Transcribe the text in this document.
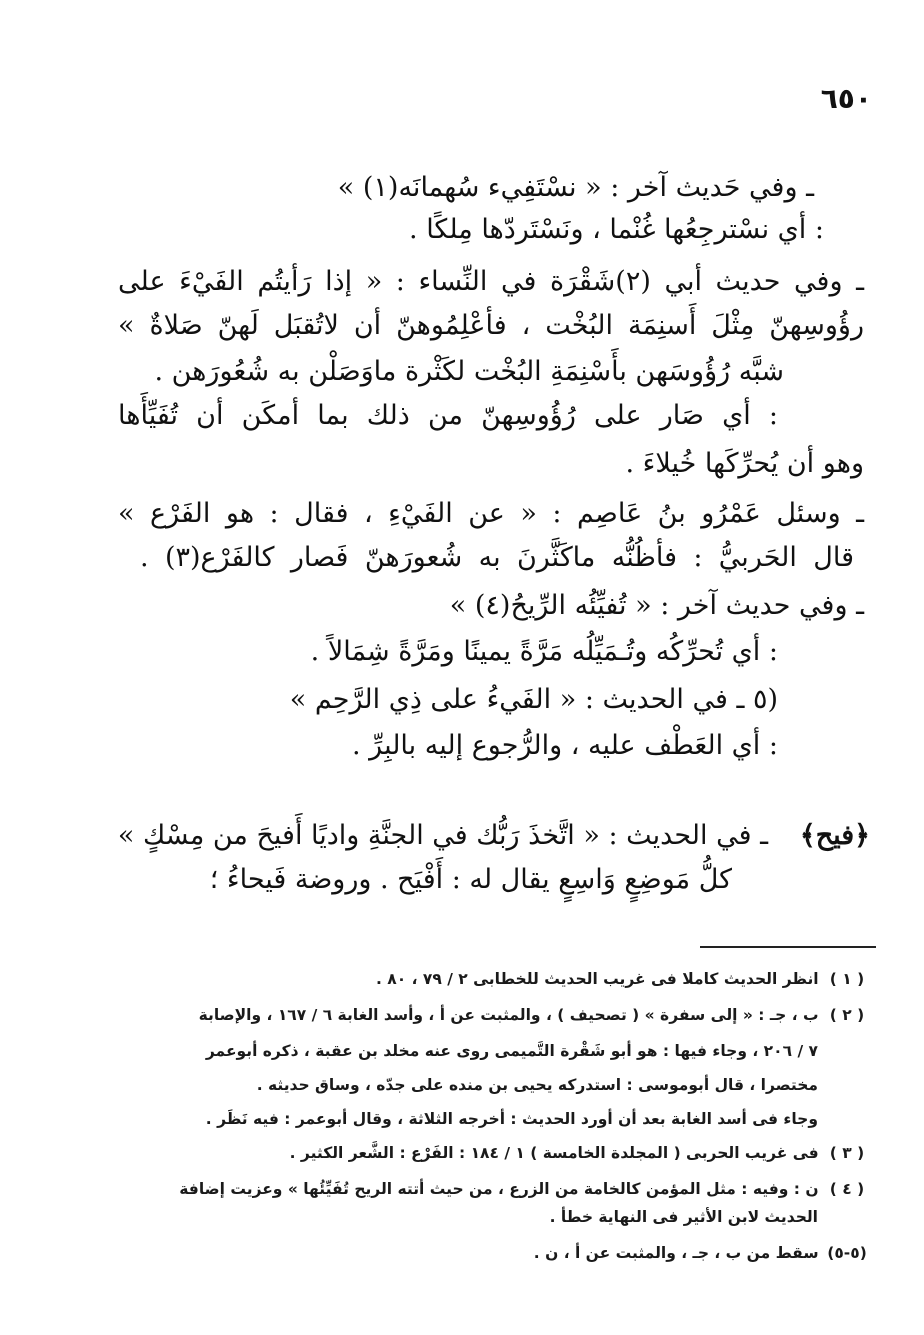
٦٥٠
ـ وفي حَديث آخر : « نسْتَفِيء سُهمانَه(١) »
: أي نسْترجِعُها غُنْما ، ونَسْتَردّها مِلكًا .
ـ وفي حديث أبي (٢)شَقْرَة في النِّساء : « إذا رَأيتُم الفَيْءَ على
رؤُوسِهنّ مِثْلَ أَسنِمَة البُخْت ، فأعْلِمُوهنّ أن لاتُقبَل لَهنّ صَلاةٌ »
شبَّه رُؤُوسَهن بأَسْنِمَةِ البُخْت لكَثْرة ماوَصَلْن به شُعُورَهن .
: أي صَار على رُؤُوسِهنّ من ذلك بما أمكَن أن تُفَيِّأَها
وهو أن يُحرِّكَها خُيلاءَ .
ـ وسئل عَمْرُو بنُ عَاصِم : « عن الفَيْءِ ، فقال : هو الفَرْع »
قال الحَربيُّ : فأظُنُّه ماكَثَّرنَ به شُعورَهنّ فَصار كالفَرْع(٣) .
ـ وفي حديث آخر : « تُفيِّئُه الرِّيحُ(٤) »
: أي تُحرِّكُه وتُـمَيِّلُه مَرَّةً يمينًا ومَرَّةً شِمَالاً .
(٥ ـ في الحديث : « الفَيءُ على ذِي الرَّحِم »
: أي العَطْف عليه ، والرُّجوع إليه بالبِرِّ .
﴿فيح﴾
ـ في الحديث : « اتَّخذَ رَبُّك في الجنَّةِ واديًا أَفيحَ من مِسْكٍ »
كلُّ مَوضِعٍ وَاسِعٍ يقال له : أَفْيَح . وروضة فَيحاءُ ؛
( ١ ) انظر الحديث كاملا فى غريب الحديث للخطابى ٢ / ٧٩ ، ٨٠ .
( ٢ ) ب ، جـ : « إلى سفرة » ( تصحيف ) ، والمثبت عن أ ، وأسد الغابة ٦ / ١٦٧ ، والإصابة
٧ / ٢٠٦ ، وجاء فيها : هو أبو شَقْرة التَّميمى روى عنه مخلد بن عقبة ، ذكره أبوعمر
مختصرا ، قال أبوموسى : استدركه يحيى بن منده على جدّه ، وساق حديثه .
وجاء فى أسد الغابة بعد أن أورد الحديث : أخرجه الثلاثة ، وقال أبوعمر : فيه نَظَر .
( ٣ ) فى غريب الحربى ( المجلدة الخامسة ) ١ / ١٨٤ : الفَرْع : الشَّعر الكثير .
( ٤ ) ن : وفيه : مثل المؤمن كالخامة من الزرع ، من حيث أتته الريح تُفَيِّئُها » وعزيت إضافة
الحديث لابن الأثير فى النهاية خطأ .
(٥-٥) سقط من ب ، جـ ، والمثبت عن أ ، ن .
